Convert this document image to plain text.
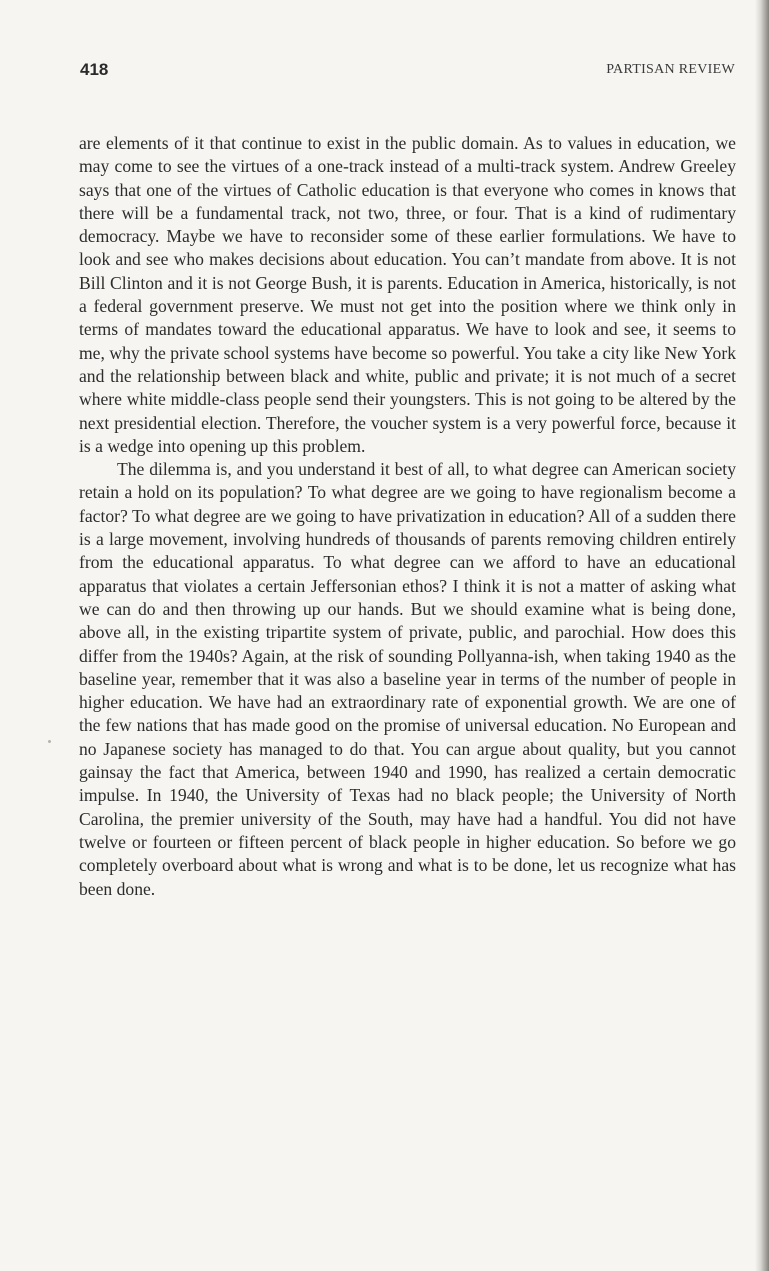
418	PARTISAN REVIEW

are elements of it that continue to exist in the public domain. As to values in education, we may come to see the virtues of a one-track instead of a multi-track system. Andrew Greeley says that one of the virtues of Catholic education is that everyone who comes in knows that there will be a fundamental track, not two, three, or four. That is a kind of rudimentary democracy. Maybe we have to reconsider some of these earlier formulations. We have to look and see who makes decisions about education. You can’t mandate from above. It is not Bill Clinton and it is not George Bush, it is parents. Education in America, historically, is not a federal government preserve. We must not get into the position where we think only in terms of mandates toward the educational apparatus. We have to look and see, it seems to me, why the private school systems have become so powerful. You take a city like New York and the relationship between black and white, public and private; it is not much of a secret where white middle-class people send their youngsters. This is not going to be altered by the next presidential election. Therefore, the voucher system is a very powerful force, because it is a wedge into opening up this problem.

The dilemma is, and you understand it best of all, to what degree can American society retain a hold on its population? To what degree are we going to have regionalism become a factor? To what degree are we going to have privatization in education? All of a sudden there is a large movement, involving hundreds of thousands of parents removing children entirely from the educational apparatus. To what degree can we afford to have an educational apparatus that violates a certain Jeffersonian ethos? I think it is not a matter of asking what we can do and then throwing up our hands. But we should examine what is being done, above all, in the existing tripartite system of private, public, and parochial. How does this differ from the 1940s? Again, at the risk of sounding Pollyanna-ish, when taking 1940 as the baseline year, remember that it was also a baseline year in terms of the number of people in higher education. We have had an extraordinary rate of exponential growth. We are one of the few nations that has made good on the promise of universal education. No European and no Japanese society has managed to do that. You can argue about quality, but you cannot gainsay the fact that America, between 1940 and 1990, has realized a certain democratic impulse. In 1940, the University of Texas had no black people; the University of North Carolina, the premier university of the South, may have had a handful. You did not have twelve or fourteen or fifteen percent of black people in higher education. So before we go completely overboard about what is wrong and what is to be done, let us recognize what has been done.
